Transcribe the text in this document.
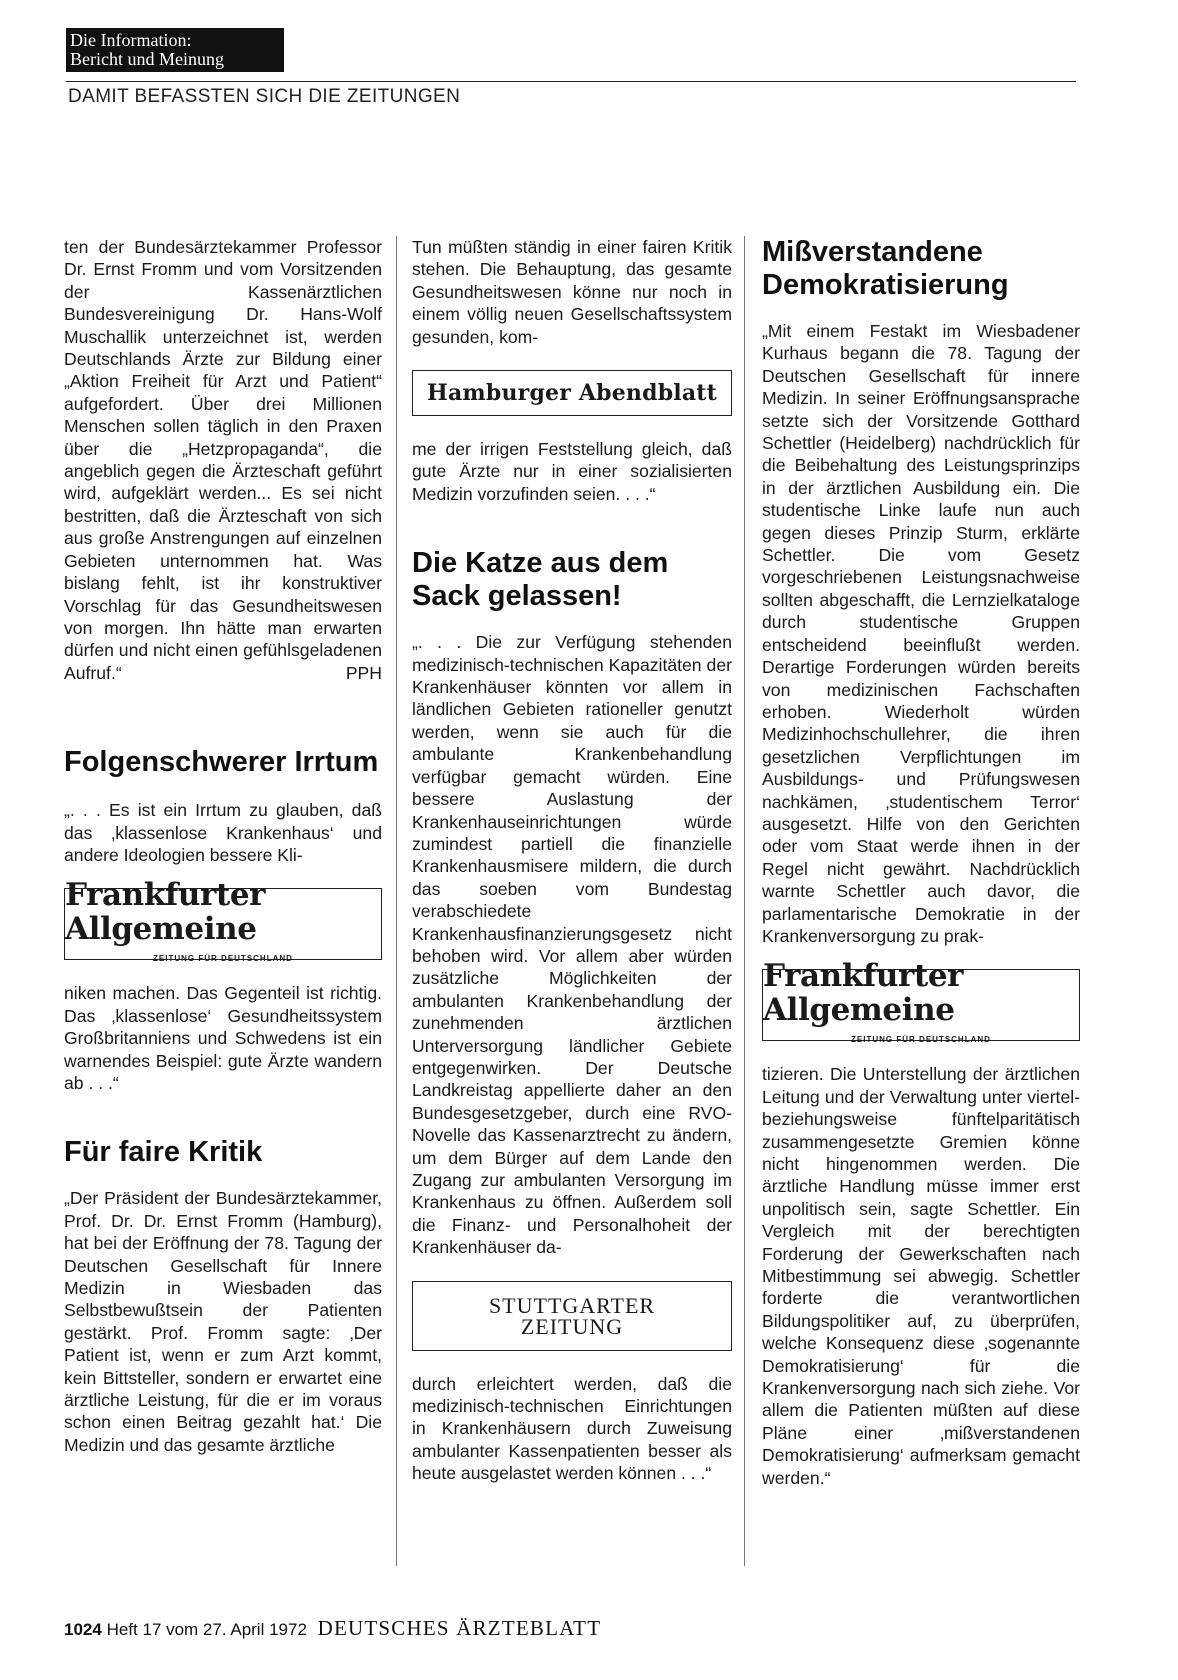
Die Information:
Bericht und Meinung
DAMIT BEFASSTEN SICH DIE ZEITUNGEN

ten der Bundesärztekammer Professor Dr. Ernst Fromm und vom Vorsitzenden der Kassenärztlichen Bundesvereinigung Dr. Hans-Wolf Muschallik unterzeichnet ist, werden Deutschlands Ärzte zur Bildung einer „Aktion Freiheit für Arzt und Patient“ aufgefordert. Über drei Millionen Menschen sollen täglich in den Praxen über die „Hetzpropaganda“, die angeblich gegen die Ärzteschaft geführt wird, aufgeklärt werden... Es sei nicht bestritten, daß die Ärzteschaft von sich aus große Anstrengungen auf einzelnen Gebieten unternommen hat. Was bislang fehlt, ist ihr konstruktiver Vorschlag für das Gesundheitswesen von morgen. Ihn hätte man erwarten dürfen und nicht einen gefühlsgeladenen Aufruf.“	PPH

Folgenschwerer Irrtum

„. . . Es ist ein Irrtum zu glauben, daß das ‚klassenlose Krankenhaus‘ und andere Ideologien bessere Kli-

Frankfurter Allgemeine
ZEITUNG FÜR DEUTSCHLAND

niken machen. Das Gegenteil ist richtig. Das ‚klassenlose‘ Gesundheitssystem Großbritanniens und Schwedens ist ein warnendes Beispiel: gute Ärzte wandern ab . . .“

Für faire Kritik

„Der Präsident der Bundesärztekammer, Prof. Dr. Dr. Ernst Fromm (Hamburg), hat bei der Eröffnung der 78. Tagung der Deutschen Gesellschaft für Innere Medizin in Wiesbaden das Selbstbewußtsein der Patienten gestärkt. Prof. Fromm sagte: ‚Der Patient ist, wenn er zum Arzt kommt, kein Bittsteller, sondern er erwartet eine ärztliche Leistung, für die er im voraus schon einen Beitrag gezahlt hat.‘ Die Medizin und das gesamte ärztliche

Tun müßten ständig in einer fairen Kritik stehen. Die Behauptung, das gesamte Gesundheitswesen könne nur noch in einem völlig neuen Gesellschaftssystem gesunden, kom-

Hamburger Abendblatt

me der irrigen Feststellung gleich, daß gute Ärzte nur in einer sozialisierten Medizin vorzufinden seien. . . .“

Die Katze aus dem Sack gelassen!

„. . . Die zur Verfügung stehenden medizinisch-technischen Kapazitäten der Krankenhäuser könnten vor allem in ländlichen Gebieten rationeller genutzt werden, wenn sie auch für die ambulante Krankenbehandlung verfügbar gemacht würden. Eine bessere Auslastung der Krankenhauseinrichtungen würde zumindest partiell die finanzielle Krankenhausmisere mildern, die durch das soeben vom Bundestag verabschiedete Krankenhausfinanzierungsgesetz nicht behoben wird. Vor allem aber würden zusätzliche Möglichkeiten der ambulanten Krankenbehandlung der zunehmenden ärztlichen Unterversorgung ländlicher Gebiete entgegenwirken. Der Deutsche Landkreistag appellierte daher an den Bundesgesetzgeber, durch eine RVO-Novelle das Kassenarztrecht zu ändern, um dem Bürger auf dem Lande den Zugang zur ambulanten Versorgung im Krankenhaus zu öffnen. Außerdem soll die Finanz- und Personalhoheit der Krankenhäuser da-

STUTTGARTER
ZEITUNG

durch erleichtert werden, daß die medizinisch-technischen Einrichtungen in Krankenhäusern durch Zuweisung ambulanter Kassenpatienten besser als heute ausgelastet werden können . . .“

Mißverstandene Demokratisierung

„Mit einem Festakt im Wiesbadener Kurhaus begann die 78. Tagung der Deutschen Gesellschaft für innere Medizin. In seiner Eröffnungsansprache setzte sich der Vorsitzende Gotthard Schettler (Heidelberg) nachdrücklich für die Beibehaltung des Leistungsprinzips in der ärztlichen Ausbildung ein. Die studentische Linke laufe nun auch gegen dieses Prinzip Sturm, erklärte Schettler. Die vom Gesetz vorgeschriebenen Leistungsnachweise sollten abgeschafft, die Lernzielkataloge durch studentische Gruppen entscheidend beeinflußt werden. Derartige Forderungen würden bereits von medizinischen Fachschaften erhoben. Wiederholt würden Medizinhochschullehrer, die ihren gesetzlichen Verpflichtungen im Ausbildungs- und Prüfungswesen nachkämen, ‚studentischem Terror‘ ausgesetzt. Hilfe von den Gerichten oder vom Staat werde ihnen in der Regel nicht gewährt. Nachdrücklich warnte Schettler auch davor, die parlamentarische Demokratie in der Krankenversorgung zu prak-

Frankfurter Allgemeine
ZEITUNG FÜR DEUTSCHLAND

tizieren. Die Unterstellung der ärztlichen Leitung und der Verwaltung unter viertel- beziehungsweise fünftelparitätisch zusammengesetzte Gremien könne nicht hingenommen werden. Die ärztliche Handlung müsse immer erst unpolitisch sein, sagte Schettler. Ein Vergleich mit der berechtigten Forderung der Gewerkschaften nach Mitbestimmung sei abwegig. Schettler forderte die verantwortlichen Bildungspolitiker auf, zu überprüfen, welche Konsequenz diese ‚sogenannte Demokratisierung‘ für die Krankenversorgung nach sich ziehe. Vor allem die Patienten müßten auf diese Pläne einer ‚mißverstandenen Demokratisierung‘ aufmerksam gemacht werden.“

1024 Heft 17 vom 27. April 1972 DEUTSCHES ÄRZTEBLATT
